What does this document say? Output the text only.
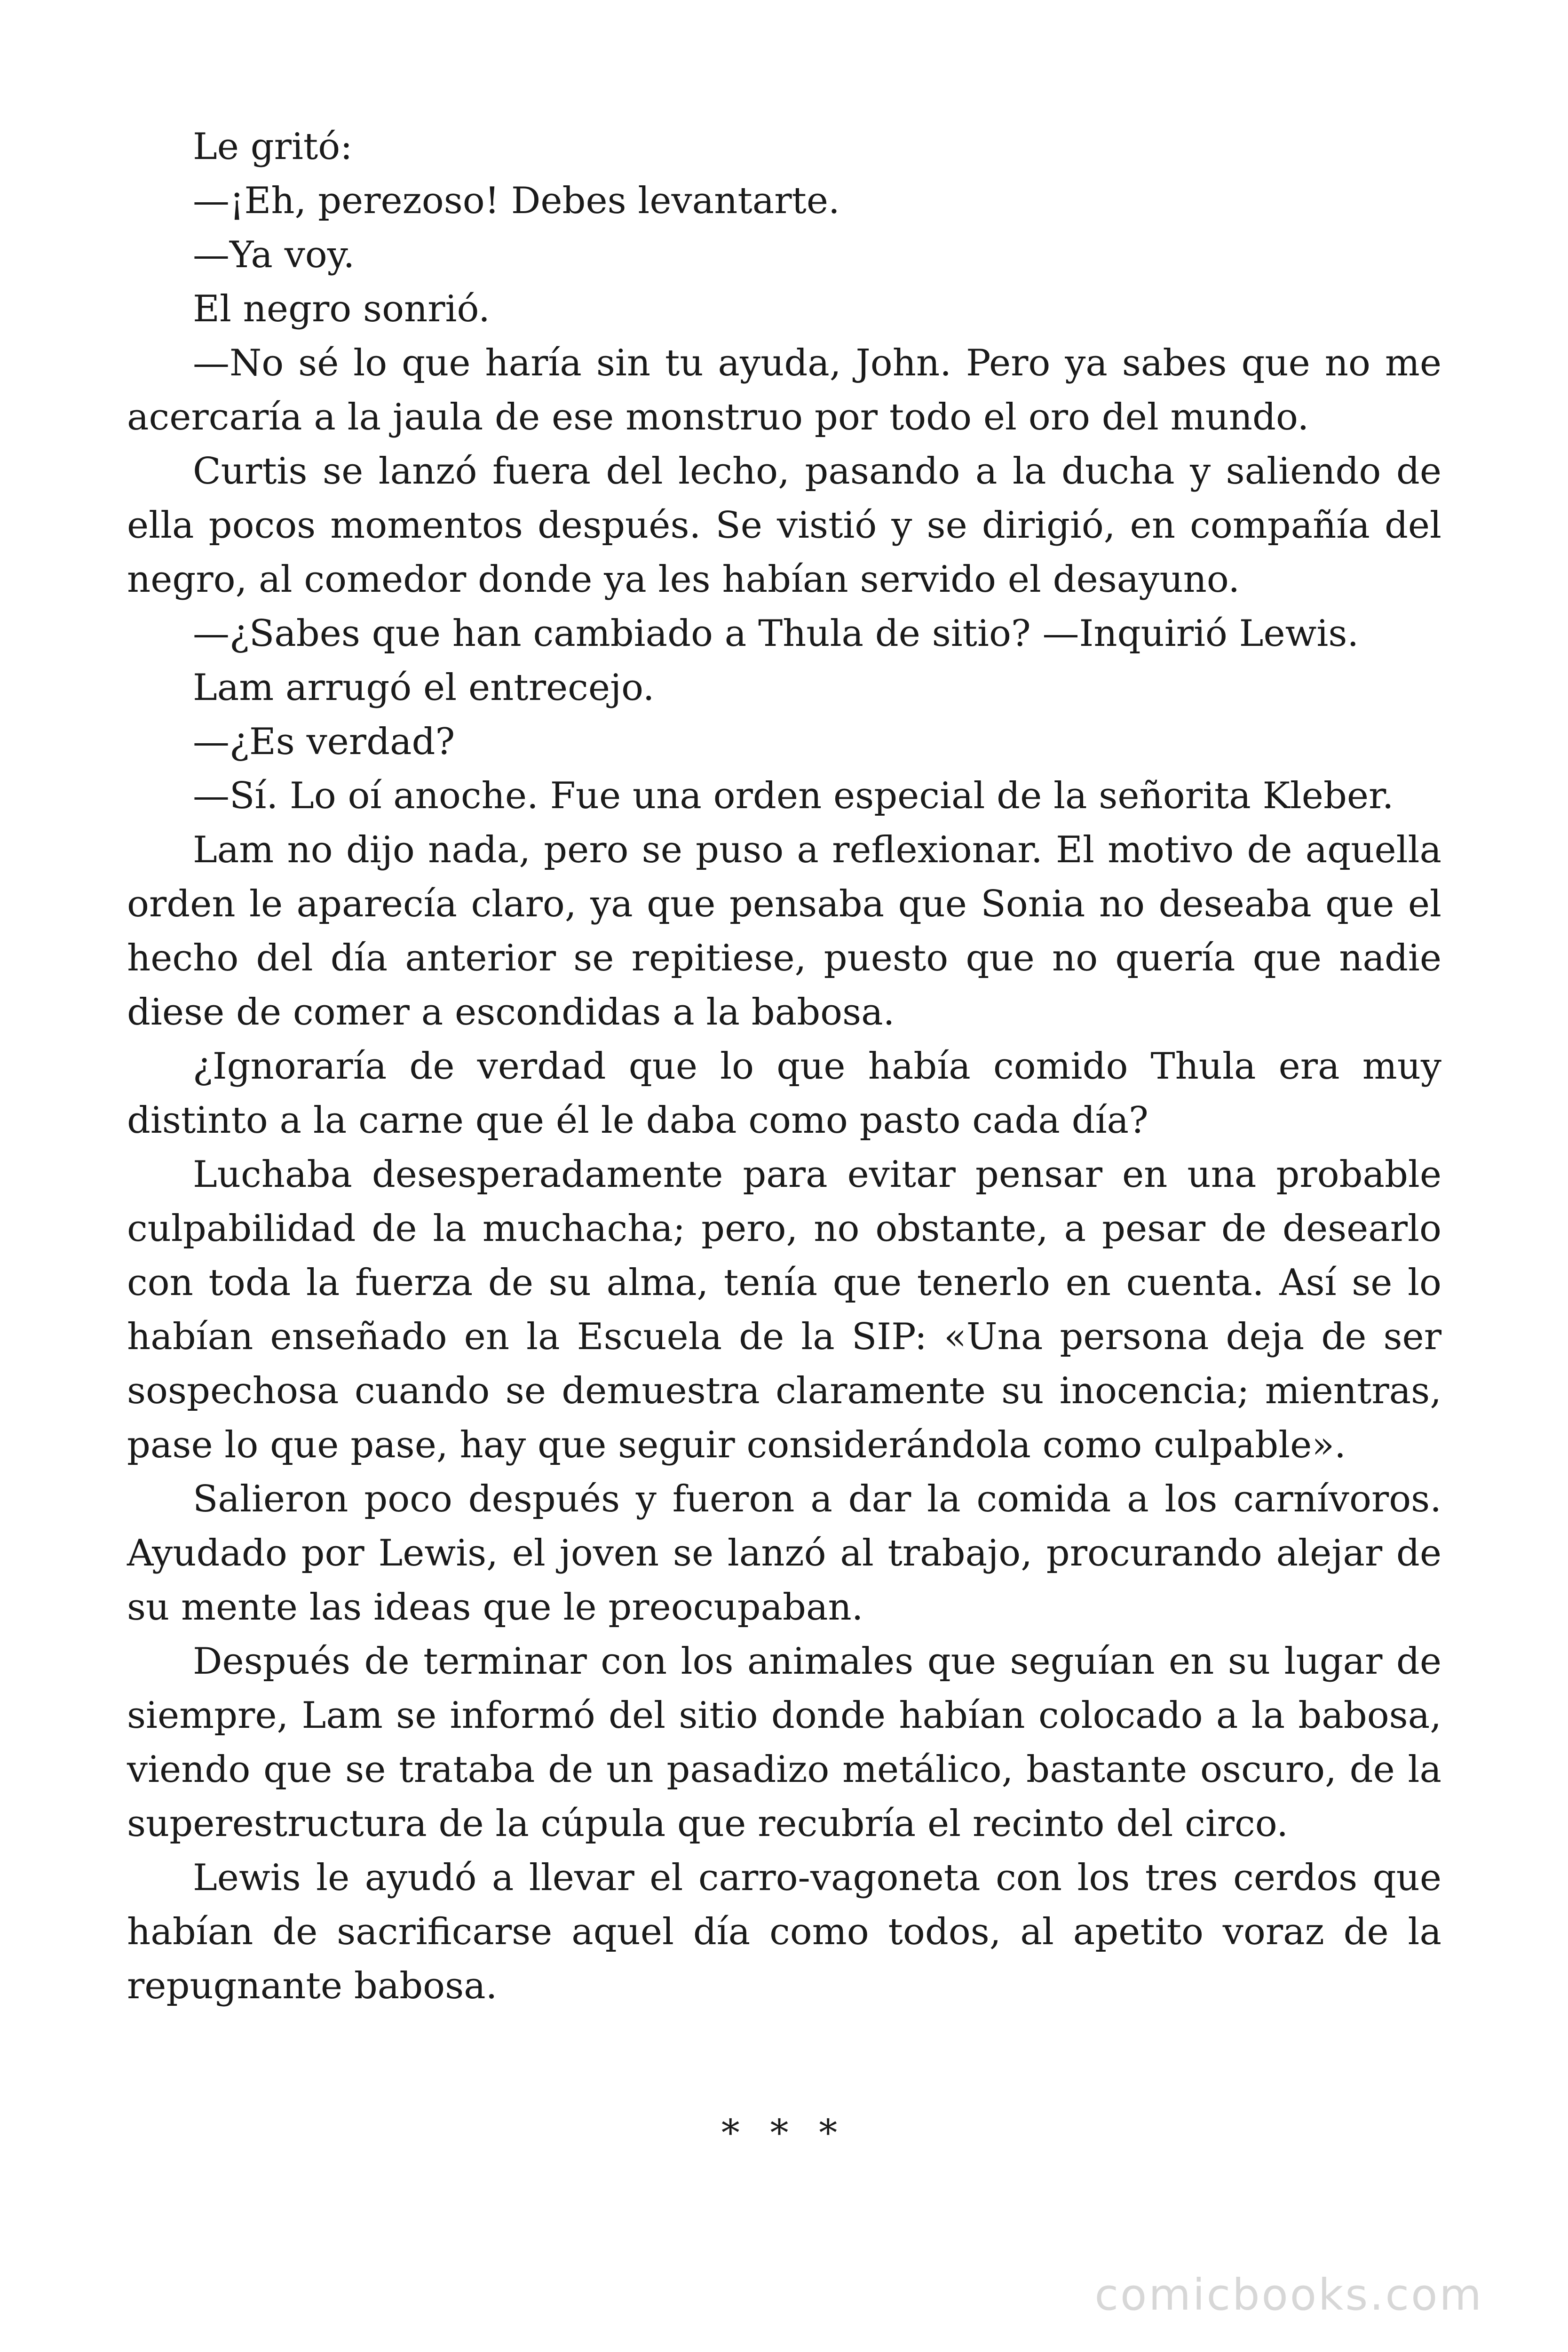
Le gritó:

—¡Eh, perezoso! Debes levantarte.

—Ya voy.

El negro sonrió.

—No sé lo que haría sin tu ayuda, John. Pero ya sabes que no me acercaría a la jaula de ese monstruo por todo el oro del mundo.

Curtis se lanzó fuera del lecho, pasando a la ducha y saliendo de ella pocos momentos después. Se vistió y se dirigió, en compañía del negro, al comedor donde ya les habían servido el desayuno.

—¿Sabes que han cambiado a Thula de sitio? —Inquirió Lewis.

Lam arrugó el entrecejo.

—¿Es verdad?

—Sí. Lo oí anoche. Fue una orden especial de la señorita Kleber.

Lam no dijo nada, pero se puso a reflexionar. El motivo de aquella orden le aparecía claro, ya que pensaba que Sonia no deseaba que el hecho del día anterior se repitiese, puesto que no quería que nadie diese de comer a escondidas a la babosa.

¿Ignoraría de verdad que lo que había comido Thula era muy distinto a la carne que él le daba como pasto cada día?

Luchaba desesperadamente para evitar pensar en una probable culpabilidad de la muchacha; pero, no obstante, a pesar de desearlo con toda la fuerza de su alma, tenía que tenerlo en cuenta. Así se lo habían enseñado en la Escuela de la SIP: «Una persona deja de ser sospechosa cuando se demuestra claramente su inocencia; mientras, pase lo que pase, hay que seguir considerándola como culpable».

Salieron poco después y fueron a dar la comida a los carnívoros. Ayudado por Lewis, el joven se lanzó al trabajo, procurando alejar de su mente las ideas que le preocupaban.

Después de terminar con los animales que seguían en su lugar de siempre, Lam se informó del sitio donde habían colocado a la babosa, viendo que se trataba de un pasadizo metálico, bastante oscuro, de la superestructura de la cúpula que recubría el recinto del circo.

Lewis le ayudó a llevar el carro-vagoneta con los tres cerdos que habían de sacrificarse aquel día como todos, al apetito voraz de la repugnante babosa.

* * *
comicbooks.com
